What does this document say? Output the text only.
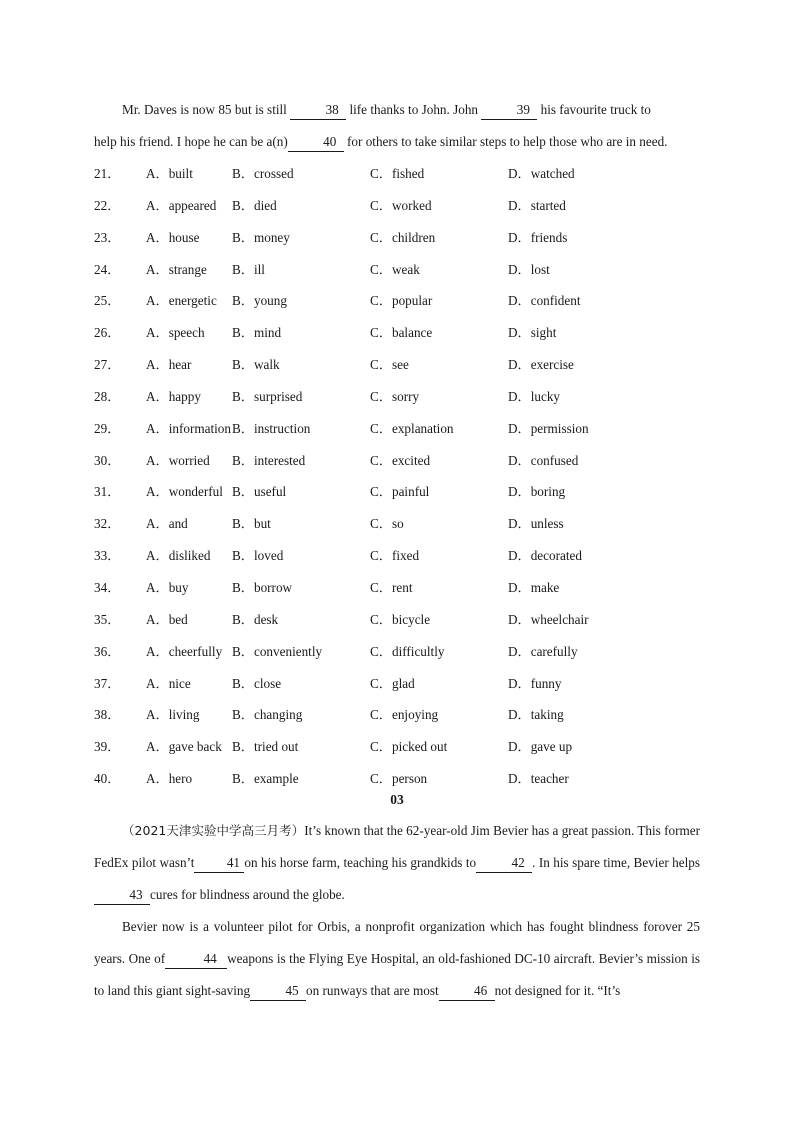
Mr. Daves is now 85 but is still	38 life thanks to John. John	39 his favourite truck to
help his friend. I hope he can be a(n)	40 for others to take similar steps to help those who are in need.

21． A．built	B．crossed	C．fished	D．watched
22． A．appeared B．died	C．worked	D．started
23． A．house B．money	C．children	D．friends
24． A．strange B．ill	C．weak	D．lost
25． A．energetic B．young	C．popular	D．confident
26． A．speech B．mind	C．balance	D．sight
27． A．hear	B．walk	C．see	D．exercise
28． A．happy B．surprised	C．sorry	D．lucky
29． A．information B．instruction	C．explanation	D．permission
30． A．worried B．interested	C．excited	D．confused
31． A．wonderful B．useful	C．painful	D．boring
32． A．and	B．but	C．so	D．unless
33． A．disliked B．loved	C．fixed	D．decorated
34． A．buy	B．borrow	C．rent	D．make
35． A．bed	B．desk	C．bicycle	D．wheelchair
36． A．cheerfully B．conveniently	C．difficultly	D．carefully
37． A．nice	B．close	C．glad	D．funny
38． A．living B．changing	C．enjoying	D．taking
39． A．gave back B．tried out	C．picked out	D．gave up
40． A．hero	B．example	C．person	D．teacher
03

（2021天津实验中学高三月考）It’s known that the 62-year-old Jim Bevier has a great passion. This former FedEx pilot wasn’t 41 on his horse farm, teaching his grandkids to	42 . In his spare time, Bevier helps43 cures for blindness around the globe.

Bevier now is a volunteer pilot for Orbis, a nonprofit organization which has fought blindness forover 25 years. One of	44 weapons is the Flying Eye Hospital, an old-fashioned DC-10 aircraft. Bevier’s mission is to land this giant sight-saving	45 on runways that are most	46 not designed for it. “It’s
